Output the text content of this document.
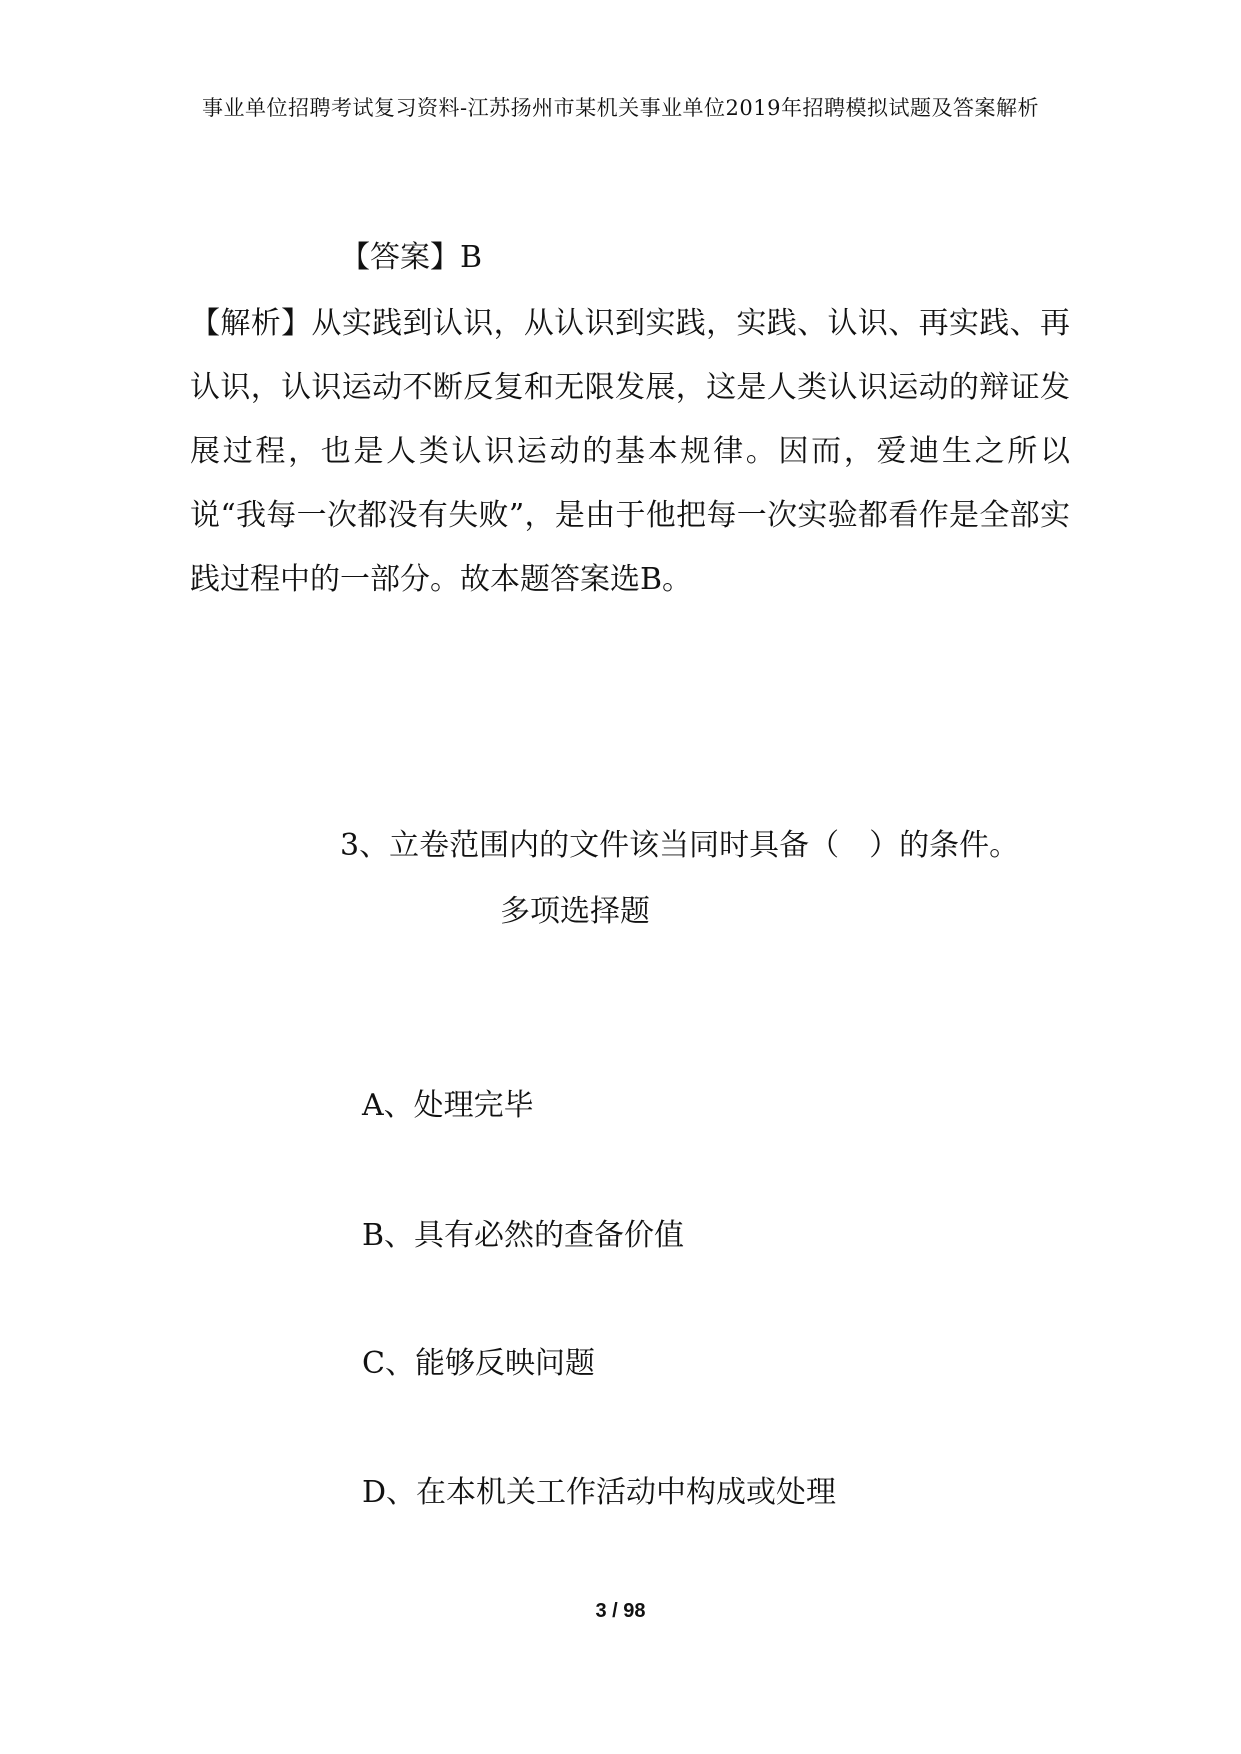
事业单位招聘考试复习资料-江苏扬州市某机关事业单位2019年招聘模拟试题及答案解析
【答案】B
【解析】从实践到认识，从认识到实践，实践、认识、再实践、再认识，认识运动不断反复和无限发展，这是人类认识运动的辩证发展过程，也是人类认识运动的基本规律。因而，爱迪生之所以说“我每一次都没有失败”，是由于他把每一次实验都看作是全部实践过程中的一部分。故本题答案选B。
3、立卷范围内的文件该当同时具备（　）的条件。
多项选择题
A、处理完毕
B、具有必然的查备价值
C、能够反映问题
D、在本机关工作活动中构成或处理
3 / 98
